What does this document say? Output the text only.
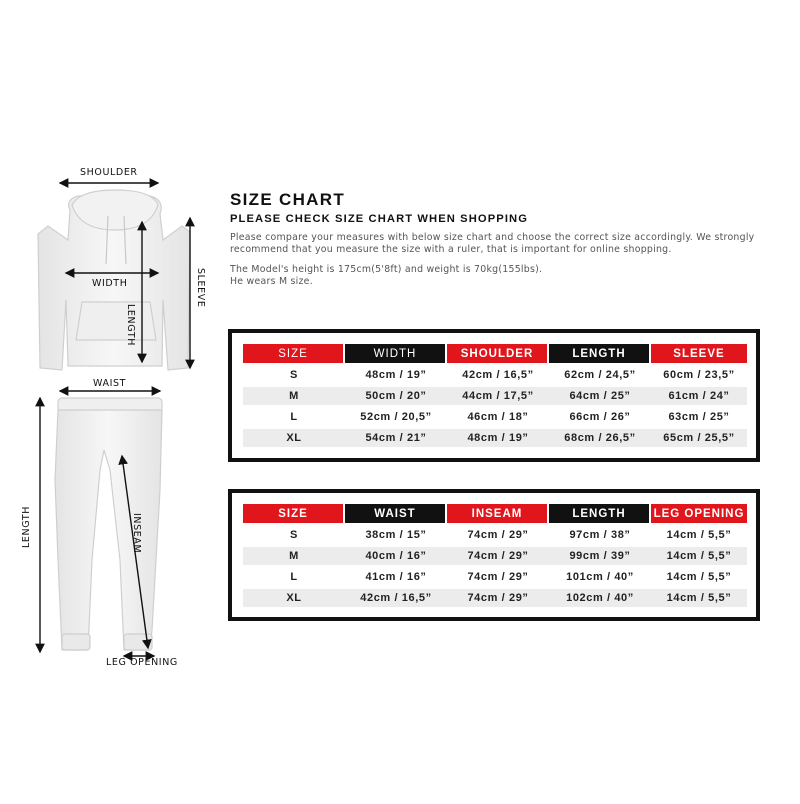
SHOULDER
WIDTH
LENGTH
SLEEVE
WAIST
LENGTH	INSEAM
LEG OPENING
SIZE CHART
PLEASE CHECK SIZE CHART WHEN SHOPPING

Please compare your measures with below size chart and choose the correct size accordingly. We strongly recommend that you measure the size with a ruler, that is important for online shopping.

The Model's height is 175cm(5'8ft) and weight is 70kg(155lbs).
He wears M size.

SIZE	WIDTH	SHOULDER	LENGTH	SLEEVE
S	48cm / 19”	42cm / 16,5”	62cm / 24,5”	60cm / 23,5”
M	50cm / 20”	44cm / 17,5”	64cm / 25”	61cm / 24”
L	52cm / 20,5”	46cm / 18”	66cm / 26”	63cm / 25”
XL	54cm / 21”	48cm / 19”	68cm / 26,5”	65cm / 25,5”
SIZE	WAIST	INSEAM	LENGTH	LEG OPENING
S	38cm / 15”	74cm / 29”	97cm / 38”	14cm / 5,5”
M	40cm / 16”	74cm / 29”	99cm / 39”	14cm / 5,5”
L	41cm / 16”	74cm / 29”	101cm / 40”	14cm / 5,5”
XL	42cm / 16,5”	74cm / 29”	102cm / 40”	14cm / 5,5”
